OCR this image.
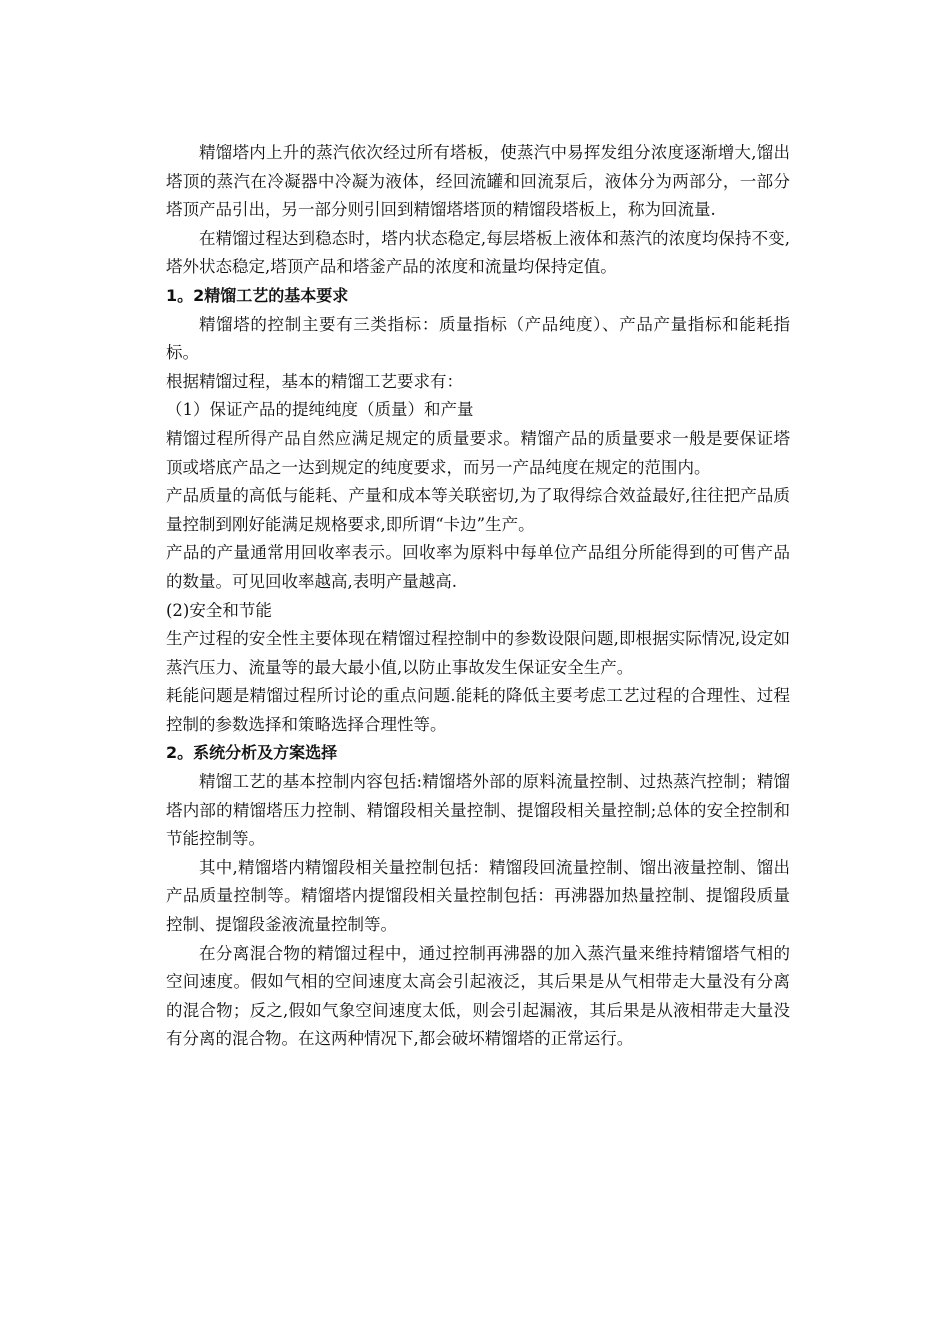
精馏塔内上升的蒸汽依次经过所有塔板，使蒸汽中易挥发组分浓度逐渐增大,馏出塔顶的蒸汽在冷凝器中冷凝为液体，经回流罐和回流泵后，液体分为两部分，一部分塔顶产品引出，另一部分则引回到精馏塔塔顶的精馏段塔板上，称为回流量.

在精馏过程达到稳态时，塔内状态稳定,每层塔板上液体和蒸汽的浓度均保持不变,塔外状态稳定,塔顶产品和塔釜产品的浓度和流量均保持定值。

1。2精馏工艺的基本要求

精馏塔的控制主要有三类指标：质量指标（产品纯度）、产品产量指标和能耗指标。

根据精馏过程，基本的精馏工艺要求有：

（1）保证产品的提纯纯度（质量）和产量

精馏过程所得产品自然应满足规定的质量要求。精馏产品的质量要求一般是要保证塔顶或塔底产品之一达到规定的纯度要求，而另一产品纯度在规定的范围内。

产品质量的高低与能耗、产量和成本等关联密切,为了取得综合效益最好,往往把产品质量控制到刚好能满足规格要求,即所谓“卡边”生产。

产品的产量通常用回收率表示。回收率为原料中每单位产品组分所能得到的可售产品的数量。可见回收率越高,表明产量越高.

(2)安全和节能

生产过程的安全性主要体现在精馏过程控制中的参数设限问题,即根据实际情况,设定如蒸汽压力、流量等的最大最小值,以防止事故发生保证安全生产。

耗能问题是精馏过程所讨论的重点问题.能耗的降低主要考虑工艺过程的合理性、过程控制的参数选择和策略选择合理性等。

2。系统分析及方案选择

精馏工艺的基本控制内容包括:精馏塔外部的原料流量控制、过热蒸汽控制；精馏塔内部的精馏塔压力控制、精馏段相关量控制、提馏段相关量控制;总体的安全控制和节能控制等。

其中,精馏塔内精馏段相关量控制包括：精馏段回流量控制、馏出液量控制、馏出产品质量控制等。精馏塔内提馏段相关量控制包括：再沸器加热量控制、提馏段质量控制、提馏段釜液流量控制等。

在分离混合物的精馏过程中，通过控制再沸器的加入蒸汽量来维持精馏塔气相的空间速度。假如气相的空间速度太高会引起液泛，其后果是从气相带走大量没有分离的混合物；反之,假如气象空间速度太低，则会引起漏液，其后果是从液相带走大量没有分离的混合物。在这两种情况下,都会破坏精馏塔的正常运行。
